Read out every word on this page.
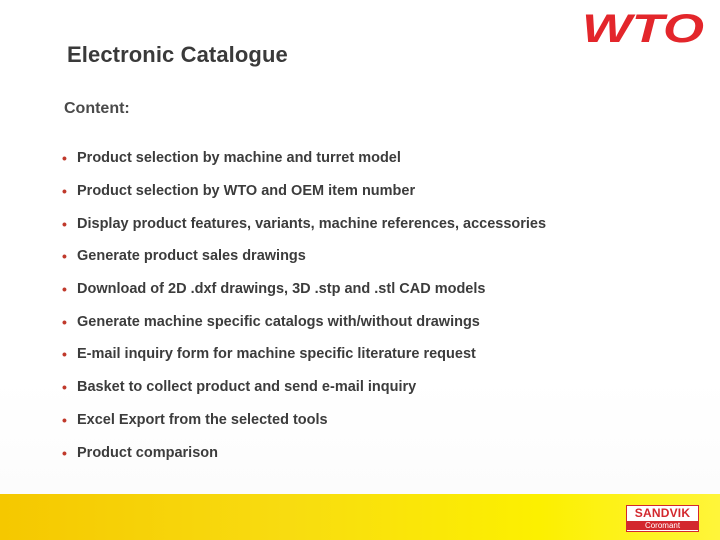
WTO
Electronic Catalogue
Content:
• Product selection by machine and turret model
• Product selection by WTO and OEM item number
• Display product features, variants, machine references, accessories
• Generate product sales drawings
• Download of 2D .dxf drawings, 3D .stp and .stl CAD models
• Generate machine specific catalogs with/without drawings
• E-mail inquiry form for machine specific literature request
• Basket to collect product and send e-mail inquiry
• Excel Export from the selected tools
• Product comparison
SANDVIK
Coromant
